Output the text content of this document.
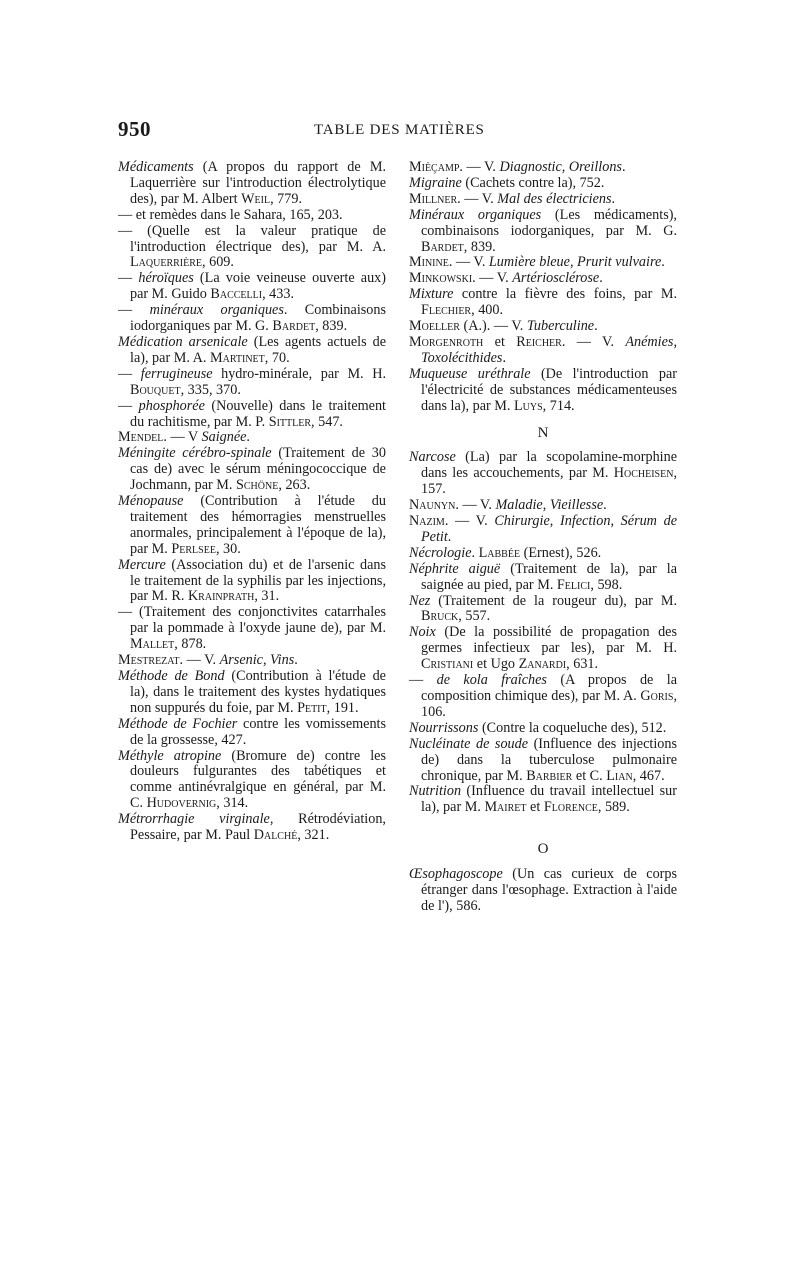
950	TABLE DES MATIÈRES
Médicaments (A propos du rapport de M. Laquerrière sur l'introduction électrolytique des), par M. Albert Weil, 779.
— et remèdes dans le Sahara, 165, 203.
— (Quelle est la valeur pratique de l'introduction électrique des), par M. A. Laquerrière, 609.
— héroïques (La voie veineuse ouverte aux) par M. Guido Baccelli, 433.
— minéraux organiques. Combinaisons iodorganiques par M. G. Bardet, 839.
Médication arsenicale (Les agents actuels de la), par M. A. Martinet, 70.
— ferrugineuse hydro-minérale, par M. H. Bouquet, 335, 370.
— phosphorée (Nouvelle) dans le traitement du rachitisme, par M. P. Sittler, 547.
Mendel. — V Saignée.
Méningite cérébro-spinale (Traitement de 30 cas de) avec le sérum méningococcique de Jochmann, par M. Schöne, 263.
Ménopause (Contribution à l'étude du traitement des hémorragies menstruelles anormales, principalement à l'époque de la), par M. Perlsee, 30.
Mercure (Association du) et de l'arsenic dans le traitement de la syphilis par les injections, par M. R. Krainprath, 31.
— (Traitement des conjonctivites catarrhales par la pommade à l'oxyde jaune de), par M. Mallet, 878.
Mestrezat. — V. Arsenic, Vins.
Méthode de Bond (Contribution à l'étude de la), dans le traitement des kystes hydatiques non suppurés du foie, par M. Petit, 191.
Méthode de Fochier contre les vomissements de la grossesse, 427.
Méthyle atropine (Bromure de) contre les douleurs fulgurantes des tabétiques et comme antinévralgique en général, par M. C. Hudovernig, 314.
Métrorrhagie virginale, Rétrodéviation, Pessaire, par M. Paul Dalché, 321.
Mièçamp. — V. Diagnostic, Oreillons.
Migraine (Cachets contre la), 752.
Millner. — V. Mal des électriciens.
Minéraux organiques (Les médicaments), combinaisons iodorganiques, par M. G. Bardet, 839.
Minine. — V. Lumière bleue, Prurit vulvaire.
Minkowski. — V. Artériosclérose.
Mixture contre la fièvre des foins, par M. Flechier, 400.
Moeller (A.). — V. Tuberculine.
Morgenroth et Reicher. — V. Anémies, Toxolécithides.
Muqueuse uréthrale (De l'introduction par l'électricité de substances médicamenteuses dans la), par M. Luys, 714.
N
Narcose (La) par la scopolamine-morphine dans les accouchements, par M. Hocheisen, 157.
Naunyn. — V. Maladie, Vieillesse.
Nazim. — V. Chirurgie, Infection, Sérum de Petit.
Nécrologie. Labbée (Ernest), 526.
Néphrite aiguë (Traitement de la), par la saignée au pied, par M. Felici, 598.
Nez (Traitement de la rougeur du), par M. Bruck, 557.
Noix (De la possibilité de propagation des germes infectieux par les), par M. H. Cristiani et Ugo Zanardi, 631.
— de kola fraîches (A propos de la composition chimique des), par M. A. Goris, 106.
Nourrissons (Contre la coqueluche des), 512.
Nucléinate de soude (Influence des injections de) dans la tuberculose pulmonaire chronique, par M. Barbier et C. Lian, 467.
Nutrition (Influence du travail intellectuel sur la), par M. Mairet et Florence, 589.
O
Œsophagoscope (Un cas curieux de corps étranger dans l'œsophage. Extraction à l'aide de l'), 586.
